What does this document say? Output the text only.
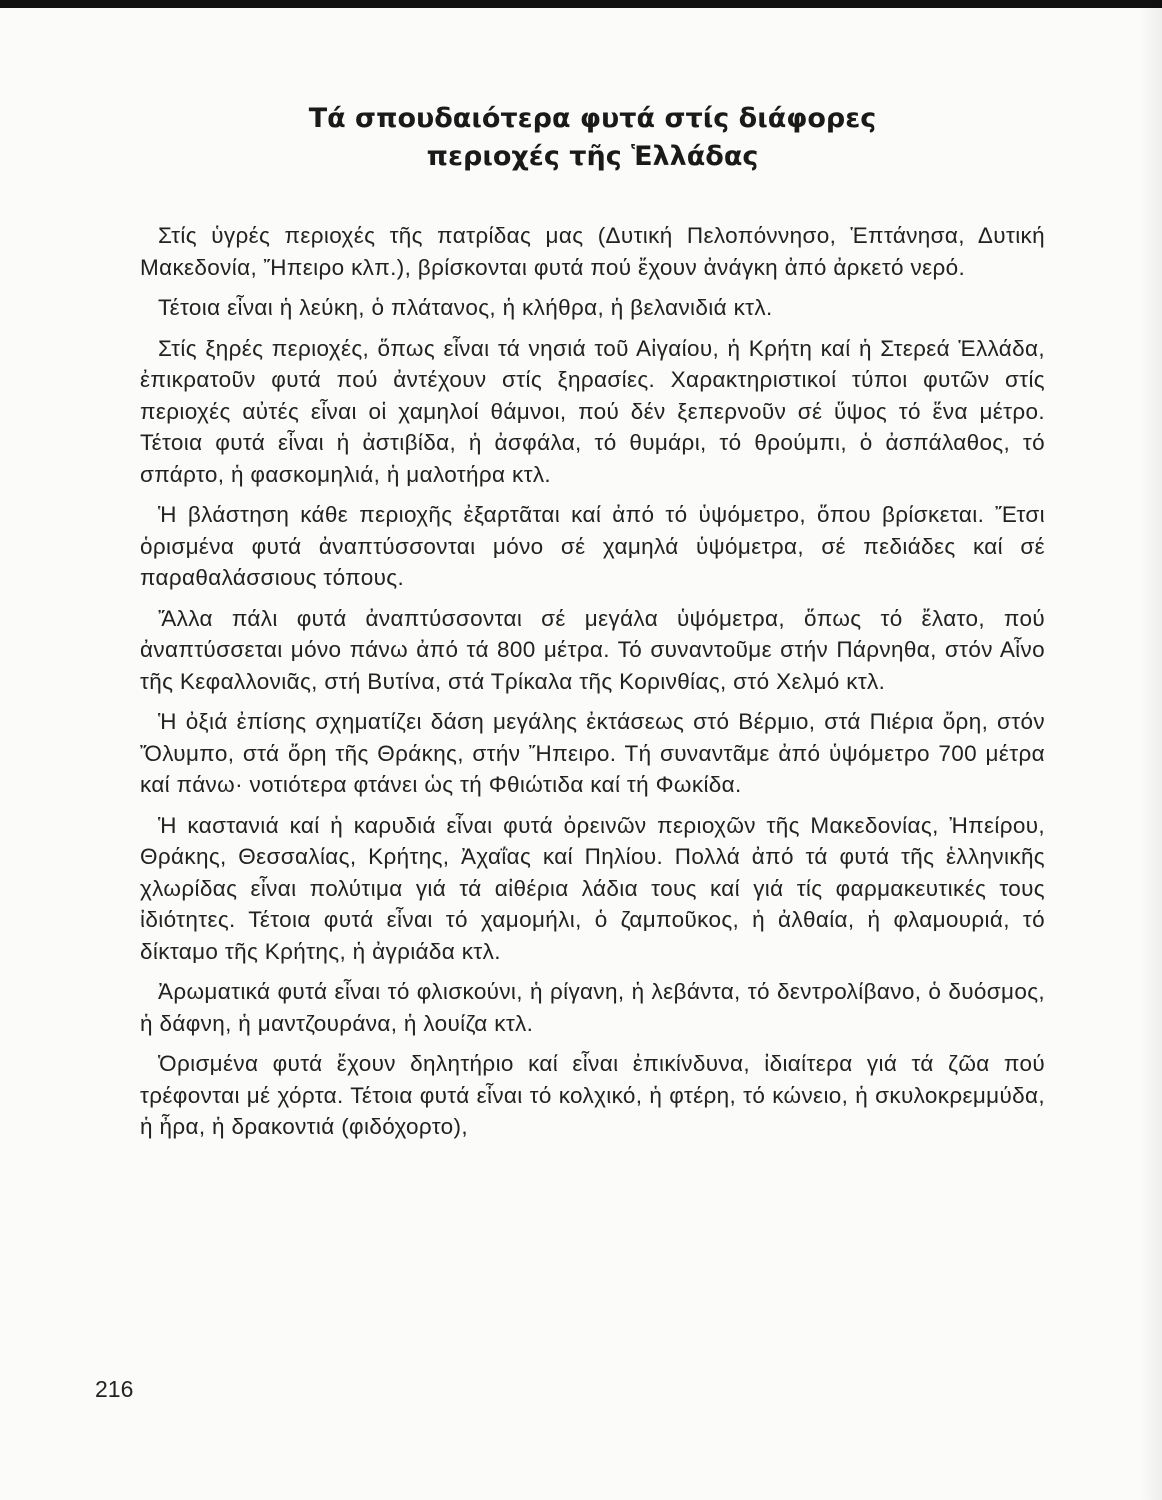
Τά σπουδαιότερα φυτά στίς διάφορες
περιοχές τῆς Ἑλλάδας

Στίς ὑγρές περιοχές τῆς πατρίδας μας (Δυτική Πελοπόννησο, Ἑπτάνησα, Δυτική Μακεδονία, Ἤπειρο κλπ.), βρίσκονται φυτά πού ἔχουν ἀνάγκη ἀπό ἀρκετό νερό.

Τέτοια εἶναι ἡ λεύκη, ὁ πλάτανος, ἡ κλήθρα, ἡ βελανιδιά κτλ.

Στίς ξηρές περιοχές, ὅπως εἶναι τά νησιά τοῦ Αἰγαίου, ἡ Κρήτη καί ἡ Στερεά Ἑλλάδα, ἐπικρατοῦν φυτά πού ἀντέχουν στίς ξηρασίες. Χαρακτηριστικοί τύποι φυτῶν στίς περιοχές αὐτές εἶναι οἱ χαμηλοί θάμνοι, πού δέν ξεπερνοῦν σέ ὕψος τό ἕνα μέτρο. Τέτοια φυτά εἶναι ἡ ἀστιβίδα, ἡ ἀσφάλα, τό θυμάρι, τό θρούμπι, ὁ ἀσπάλαθος, τό σπάρτο, ἡ φασκομηλιά, ἡ μαλοτήρα κτλ.

Ἡ βλάστηση κάθε περιοχῆς ἐξαρτᾶται καί ἀπό τό ὑψόμετρο, ὅπου βρίσκεται. Ἔτσι ὁρισμένα φυτά ἀναπτύσσονται μόνο σέ χαμηλά ὑψόμετρα, σέ πεδιάδες καί σέ παραθαλάσσιους τόπους.

Ἄλλα πάλι φυτά ἀναπτύσσονται σέ μεγάλα ὑψόμετρα, ὅπως τό ἔλατο, πού ἀναπτύσσεται μόνο πάνω ἀπό τά 800 μέτρα. Τό συναντοῦμε στήν Πάρνηθα, στόν Αἶνο τῆς Κεφαλλονιᾶς, στή Βυτίνα, στά Τρίκαλα τῆς Κορινθίας, στό Χελμό κτλ.

Ἡ ὀξιά ἐπίσης σχηματίζει δάση μεγάλης ἐκτάσεως στό Βέρμιο, στά Πιέρια ὄρη, στόν Ὄλυμπο, στά ὄρη τῆς Θράκης, στήν Ἤπειρο. Τή συναντᾶμε ἀπό ὑψόμετρο 700 μέτρα καί πάνω· νοτιότερα φτάνει ὡς τή Φθιώτιδα καί τή Φωκίδα.

Ἡ καστανιά καί ἡ καρυδιά εἶναι φυτά ὀρεινῶν περιοχῶν τῆς Μακεδονίας, Ἠπείρου, Θράκης, Θεσσαλίας, Κρήτης, Ἀχαΐας καί Πηλίου. Πολλά ἀπό τά φυτά τῆς ἑλληνικῆς χλωρίδας εἶναι πολύτιμα γιά τά αἰθέρια λάδια τους καί γιά τίς φαρμακευτικές τους ἰδιότητες. Τέτοια φυτά εἶναι τό χαμομήλι, ὁ ζαμποῦκος, ἡ ἀλθαία, ἡ φλαμουριά, τό δίκταμο τῆς Κρήτης, ἡ ἀγριάδα κτλ.

Ἀρωματικά φυτά εἶναι τό φλισκούνι, ἡ ρίγανη, ἡ λεβάντα, τό δεντρολίβανο, ὁ δυόσμος, ἡ δάφνη, ἡ μαντζουράνα, ἡ λουίζα κτλ.

Ὁρισμένα φυτά ἔχουν δηλητήριο καί εἶναι ἐπικίνδυνα, ἰδιαίτερα γιά τά ζῶα πού τρέφονται μέ χόρτα. Τέτοια φυτά εἶναι τό κολχικό, ἡ φτέρη, τό κώνειο, ἡ σκυλοκρεμμύδα, ἡ ἦρα, ἡ δρακοντιά (φιδόχορτο),

216
